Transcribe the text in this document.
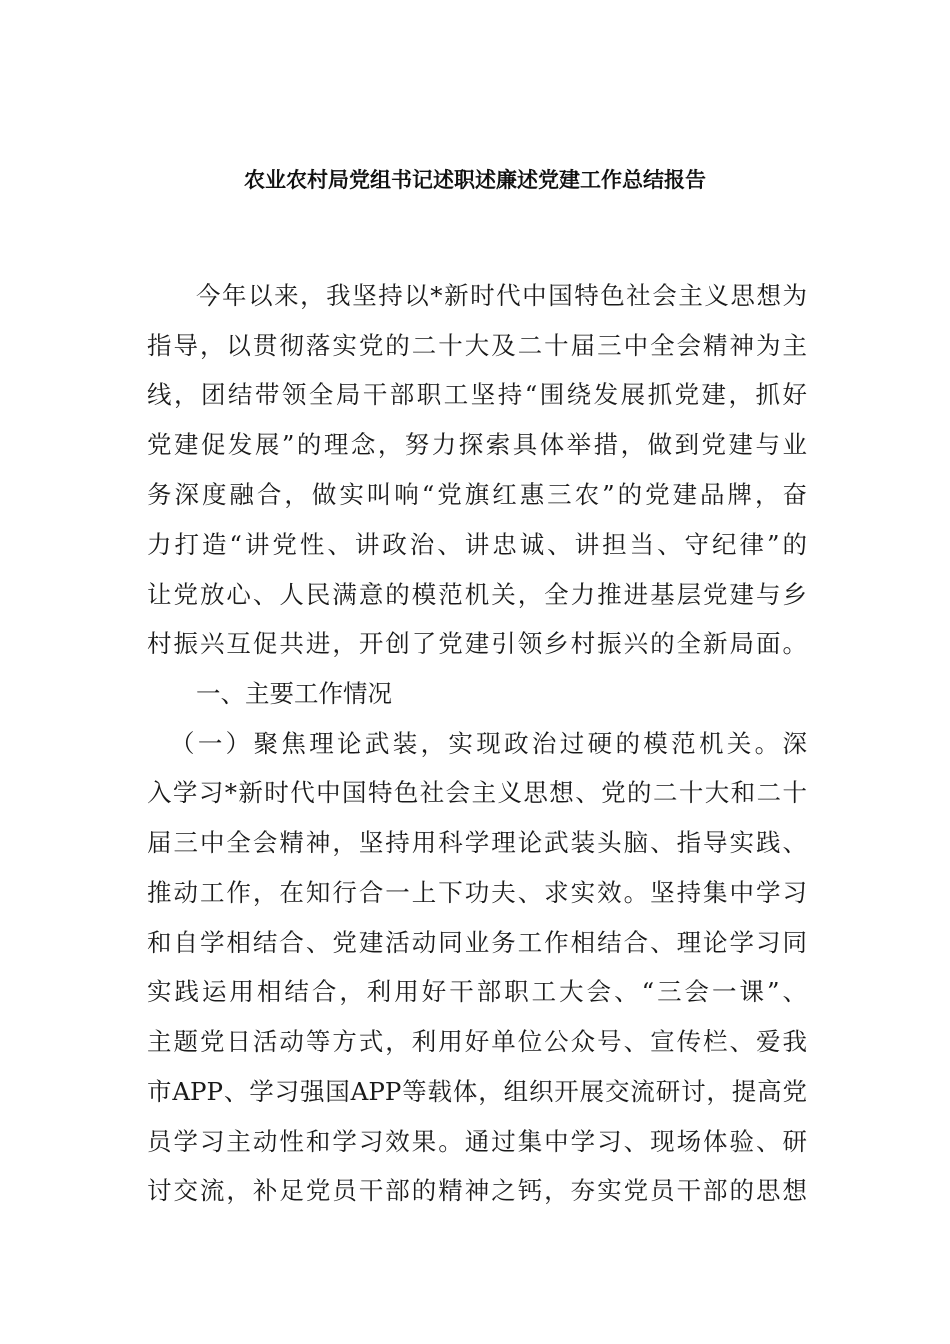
农业农村局党组书记述职述廉述党建工作总结报告
今年以来，我坚持以*新时代中国特色社会主义思想为
指导，以贯彻落实党的二十大及二十届三中全会精神为主
线，团结带领全局干部职工坚持“围绕发展抓党建，抓好
党建促发展”的理念，努力探索具体举措，做到党建与业
务深度融合，做实叫响“党旗红惠三农”的党建品牌，奋
力打造“讲党性、讲政治、讲忠诚、讲担当、守纪律”的
让党放心、人民满意的模范机关，全力推进基层党建与乡
村振兴互促共进，开创了党建引领乡村振兴的全新局面。
一、主要工作情况
（一）聚焦理论武装，实现政治过硬的模范机关。深
入学习*新时代中国特色社会主义思想、党的二十大和二十
届三中全会精神，坚持用科学理论武装头脑、指导实践、
推动工作，在知行合一上下功夫、求实效。坚持集中学习
和自学相结合、党建活动同业务工作相结合、理论学习同
实践运用相结合，利用好干部职工大会、“三会一课”、
主题党日活动等方式，利用好单位公众号、宣传栏、爱我
市APP、学习强国APP等载体，组织开展交流研讨，提高党
员学习主动性和学习效果。通过集中学习、现场体验、研
讨交流，补足党员干部的精神之钙，夯实党员干部的思想
